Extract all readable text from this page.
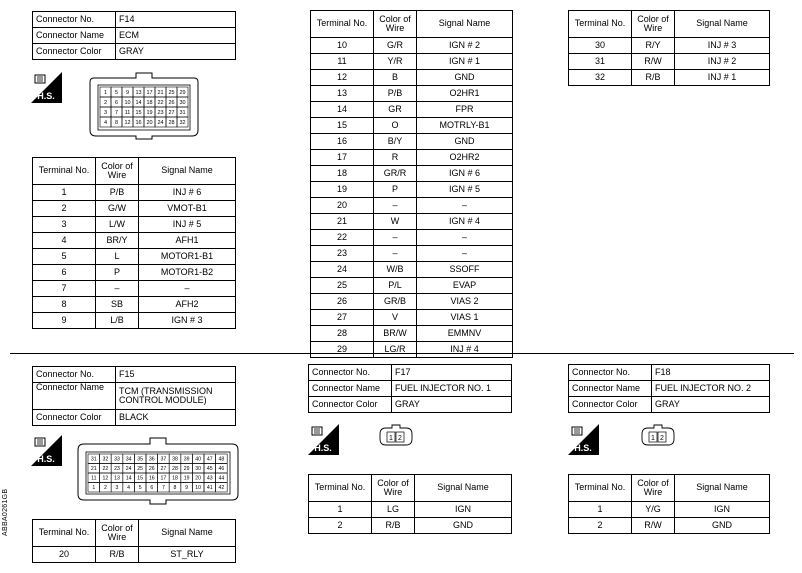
Connector No.	F14
Connector Name	ECM
Connector Color	GRAY
H.S.	1 5 9 13 17 21 25 29
2 6 10 14 18 22 26 30
3 7 11 15 19 23 27 31
4 8 12 16 20 24 28 32
Terminal No.	Color of Wire	Signal Name
1	P/B	INJ # 6
2	G/W	VMOT-B1
3	L/W	INJ # 5
4	BR/Y	AFH1
5	L	MOTOR1-B1
6	P	MOTOR1-B2
7	–	–
8	SB	AFH2
9	L/B	IGN # 3
Terminal No.	Color of Wire	Signal Name
10	G/R	IGN # 2
11	Y/R	IGN # 1
12	B	GND
13	P/B	O2HR1
14	GR	FPR
15	O	MOTRLY-B1
16	B/Y	GND
17	R	O2HR2
18	GR/R	IGN # 6
19	P	IGN # 5
20	–	–
21	W	IGN # 4
22	–	–
23	–	–
24	W/B	SSOFF
25	P/L	EVAP
26	GR/B	VIAS 2
27	V	VIAS 1
28	BR/W	EMMNV
29	LG/R	INJ # 4
Terminal No.	Color of Wire	Signal Name
30	R/Y	INJ # 3
31	R/W	INJ # 2
32	R/B	INJ # 1
Connector No.	F15
Connector Name	TCM (TRANSMISSION CONTROL MODULE)
Connector Color	BLACK
H.S.	31 32 33 34 35 36 37 38 39 40 47 48
21 22 23 24 25 26 27 28 29 30 45 46
11 12 13 14 15 16 17 18 19 20 43 44
1 2 3 4 5 6 7 8 9 10 41 42
Terminal No.	Color of Wire	Signal Name
20	R/B	ST_RLY
Connector No.	F17
Connector Name	FUEL INJECTOR NO. 1
Connector Color	GRAY
H.S.
1 2
Terminal No.	Color of Wire	Signal Name
1	LG	IGN
2	R/B	GND
Connector No.	F18
Connector Name	FUEL INJECTOR NO. 2
Connector Color	GRAY
H.S.
1 2
Terminal No.	Color of Wire	Signal Name
1	Y/G	IGN
2	R/W	GND
ABBA0261GB
